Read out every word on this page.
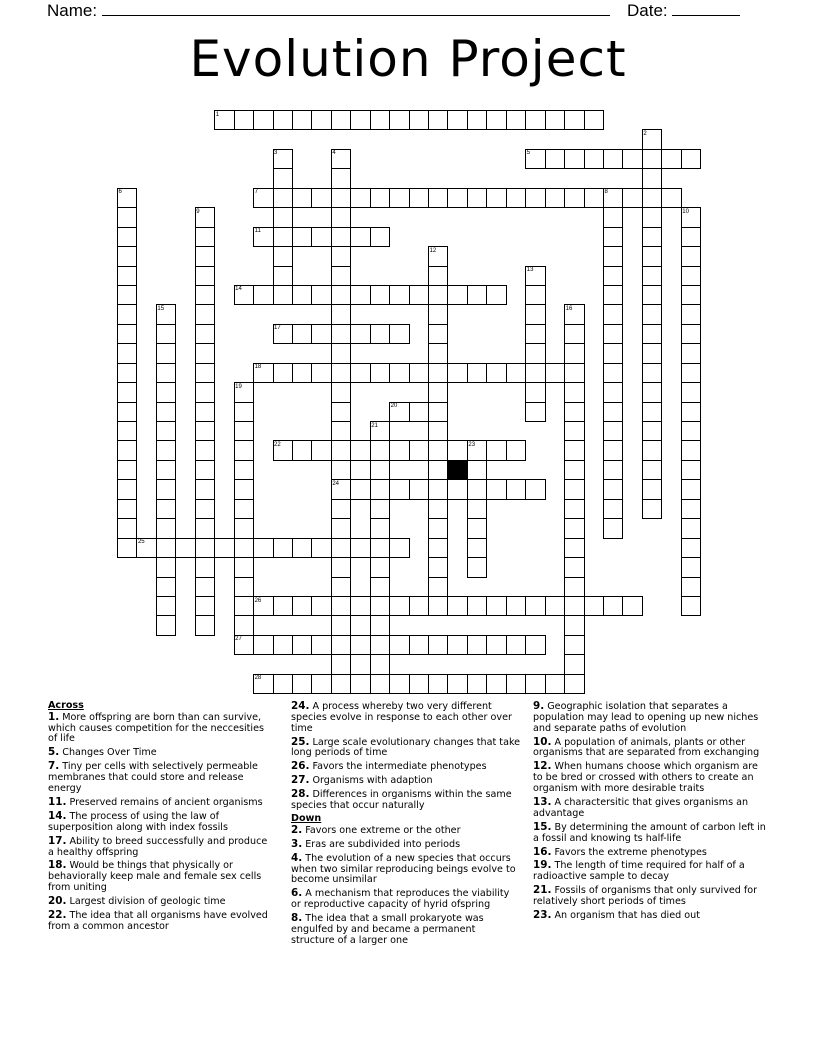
Name:	Date:
Evolution Project
1
2
3	4	5
6	7	8
9	10
11
12
13
14
15	16
17
18
19
20
21
22	23
24
25
26
27
28
Across
1. More offspring are born than can survive, which causes competition for the neccesities of life
5. Changes Over Time
7. Tiny per cells with selectively permeable membranes that could store and release energy
11. Preserved remains of ancient organisms
14. The process of using the law of superposition along with index fossils
17. Ability to breed successfully and produce a healthy offspring
18. Would be things that physically or behaviorally keep male and female sex cells from uniting
20. Largest division of geologic time
22. The idea that all organisms have evolved from a common ancestor
24. A process whereby two very different species evolve in response to each other over time
25. Large scale evolutionary changes that take long periods of time
26. Favors the intermediate phenotypes
27. Organisms with adaption
28. Differences in organisms within the same species that occur naturally
Down
2. Favors one extreme or the other
3. Eras are subdivided into periods
4. The evolution of a new species that occurs when two similar reproducing beings evolve to become unsimilar
6. A mechanism that reproduces the viability or reproductive capacity of hyrid ofspring
8. The idea that a small prokaryote was engulfed by and became a permanent structure of a larger one
9. Geographic isolation that separates a population may lead to opening up new niches and separate paths of evolution
10. A population of animals, plants or other organisms that are separated from exchanging
12. When humans choose which organism are to be bred or crossed with others to create an organism with more desirable traits
13. A charactersitic that gives organisms an advantage
15. By determining the amount of carbon left in a fossil and knowing ts half-life
16. Favors the extreme phenotypes
19. The length of time required for half of a radioactive sample to decay
21. Fossils of organisms that only survived for relatively short periods of times
23. An organism that has died out
